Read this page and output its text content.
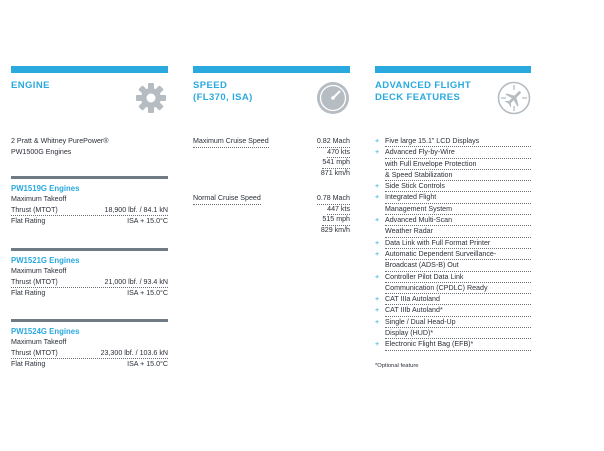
ENGINE
2 Pratt & Whitney PurePower®
PW1500G Engines
PW1519G Engines
Maximum Takeoff
Thrust (MTOT)	18,900 lbf. / 84.1 kN
Flat Rating	ISA + 15.0°C
PW1521G Engines
Maximum Takeoff
Thrust (MTOT)	21,000 lbf. / 93.4 kN
Flat Rating	ISA + 15.0°C
PW1524G Engines
Maximum Takeoff
Thrust (MTOT)	23,300 lbf. / 103.6 kN
Flat Rating	ISA + 15.0°C
SPEED
(FL370, ISA)
Maximum Cruise Speed	0.82 Mach
470 kts
541 mph
871 km/h
Normal Cruise Speed	0.78 Mach
447 kts
515 mph
829 km/h
ADVANCED FLIGHT
DECK FEATURES
+ Five large 15.1” LCD Displays
+ Advanced Fly-by-Wire
with Full Envelope Protection
& Speed Stabilization
+ Side Stick Controls
+ Integrated Flight
Management System
+ Advanced Multi-Scan
Weather Radar
+ Data Link with Full Format Printer
+ Automatic Dependent Surveillance-
Broadcast (ADS-B) Out
+ Controller Pilot Data Link
Communication (CPDLC) Ready
+ CAT IIIa Autoland
+ CAT IIIb Autoland*
+ Single / Dual Head-Up
Display (HUD)*
+ Electronic Flight Bag (EFB)*
*Optional feature
